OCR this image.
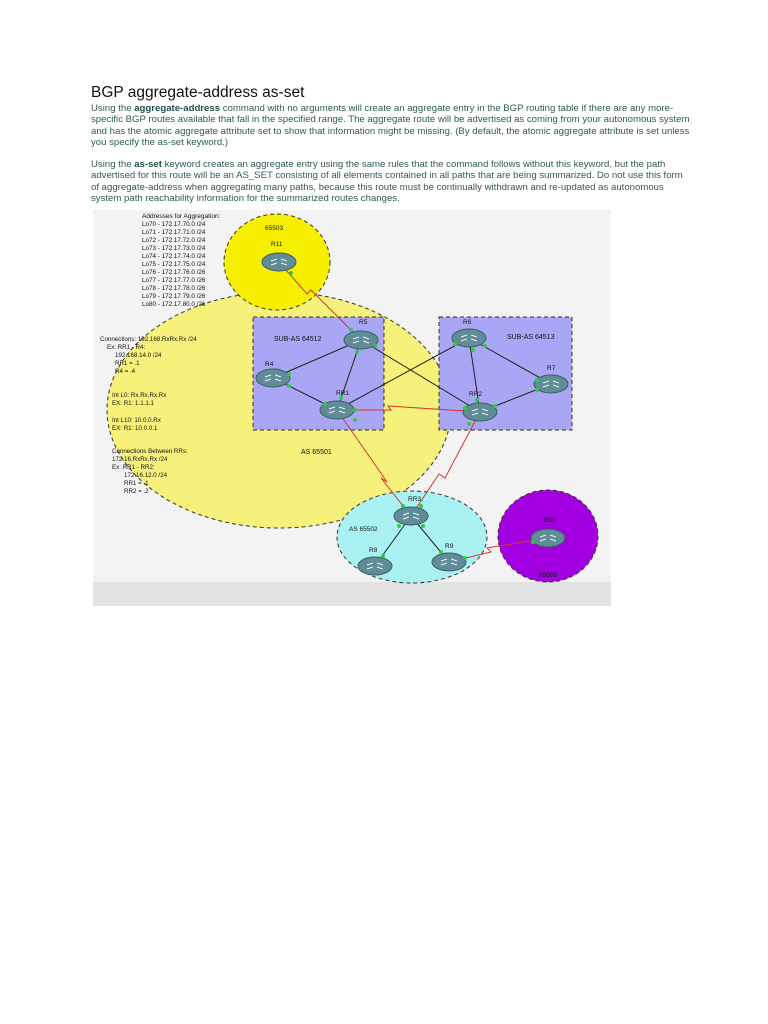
BGP aggregate-address as-set

Using the aggregate-address command with no arguments will create an aggregate entry in the BGP routing table if there are any more-specific BGP routes available that fall in the specified range. The aggregate route will be advertised as coming from your autonomous system and has the atomic aggregate attribute set to show that information might be missing. (By default, the atomic aggregate attribute is set unless you specify the as-set keyword.)

Using the as-set keyword creates an aggregate entry using the same rules that the command follows without this keyword, but the path advertised for this route will be an AS_SET consisting of all elements contained in all paths that are being summarized. Do not use this form of aggregate-address when aggregating many paths, because this route must be continually withdrawn and re-updated as autonomous system path reachability information for the summarized routes changes.

65503
AS 65501
SUB-AS 64512	SUB-AS 64513
AS 65502
65505
R11
R5	R6
R4
R7
RR1	RR2
RR3
R8
R9
R10
Addresses for Aggregation:
Lo70 - 172.17.70.0 /24
Lo71 - 172.17.71.0 /24
Lo72 - 172.17.72.0 /24
Lo73 - 172.17.73.0 /24
Lo74 - 172.17.74.0 /24
Lo75 - 172.17.75.0 /24
Lo76 - 172.17.76.0 /26
Lo77 - 172.17.77.0 /26
Lo78 - 172.17.78.0 /26
Lo79 - 172.17.79.0 /26
Lo80 - 172.17.80.0 /26
Connections: 192.168.RxRx.Rx /24
Ex: RR1 - R4:
192.168.14.0 /24
RR1 = .1
R4 = .4
Int L0: Rx.Rx.Rx.Rx
EX: R1: 1.1.1.1
Int L10: 10.0.0.Rx
EX: R1: 10.0.0.1
Connections Between RRs:
172.16.RxRx.Rx /24
Ex: RR1 - RR2:
172.16.12.0 /24
RR1 = .1
RR2 = .2
